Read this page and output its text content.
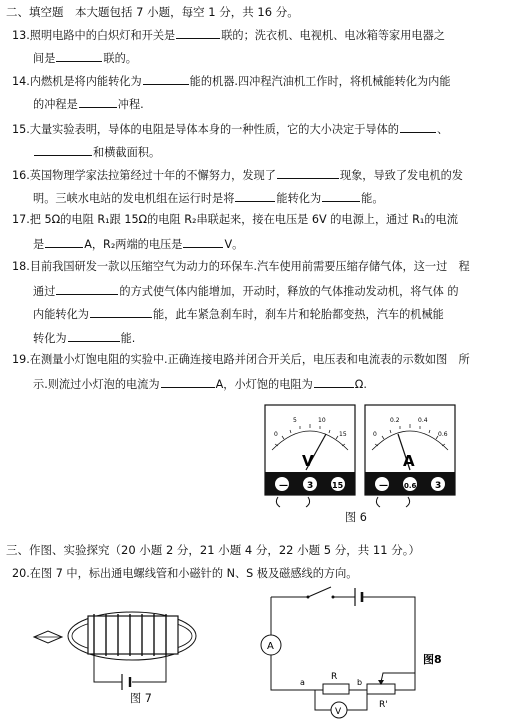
二、填空题　本大题包括 7 小题，每空 1 分，共 16 分。
13.照明电路中的白炽灯和开关是	联的；洗衣机、电视机、电冰箱等家用电器之
间是	联的。
14.内燃机是将内能转化为	能的机器.四冲程汽油机工作时，将机械能转化为内能
的冲程是	冲程.
15.大量实验表明，导体的电阻是导体本身的一种性质，它的大小决定于导体的	、
和横截面积。
16.英国物理学家法拉第经过十年的不懈努力，发现了	现象，导致了发电机的发
明。三峡水电站的发电机组在运行时是将	能转化为	能。
17.把 5Ω的电阻 R₁跟 15Ω的电阻 R₂串联起来，接在电压是 6V 的电源上，通过 R₁的电流
是	A，R₂两端的电压是	V。
18.目前我国研发一款以压缩空气为动力的环保车.汽车使用前需要压缩存储气体，这一过　程
通过	的方式使气体内能增加，开动时，释放的气体推动发动机，将气体 的
内能转化为	能，此车紧急刹车时，刹车片和轮胎都变热，汽车的机械能
转化为	能.
19.在测量小灯饱电阻的实验中.正确连接电路并闭合开关后，电压表和电流表的示数如图　所
示.则流过小灯泡的电流为	A，小灯饱的电阻为	Ω.
0
5	10
15
V
— 3 15
0
0.2	0.4
0.6
A
— 0.6 3
图 6
三、作图、实验探究（20 小题 2 分，21 小题 4 分，22 小题 5 分，共 11 分。）
20.在图 7 中，标出通电螺线管和小磁针的 N、S 极及磁感线的方向。
图 7
A
R
a	b
R'
V
图8
